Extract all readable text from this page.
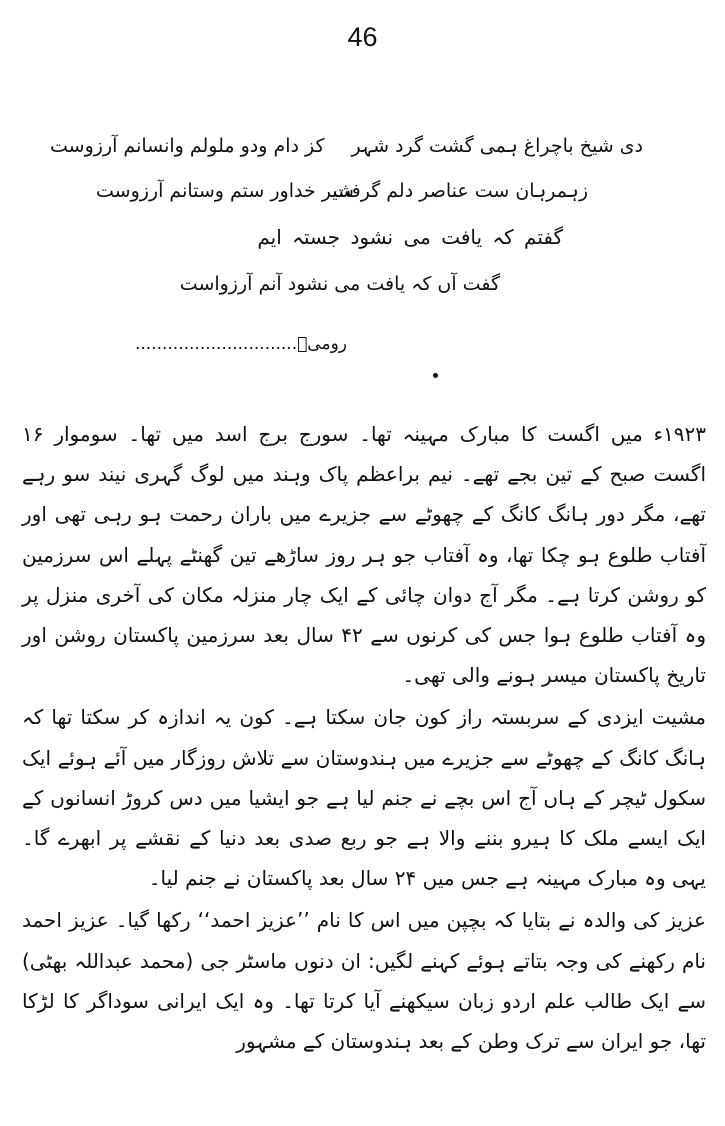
46
دی شیخ باچراغ ہمی گشت گرد شہر
کز دام ودو ملولم وانسانم آرزوست
زہمرہان ست عناصر دلم گرفت
شیر خداور ستم وستانم آرزوست
گفتم کہ یافت می نشود جستہ ایم
گفت آں کہ یافت می نشود آنم آرزواست
رومیؒ..............................

۱۹۲۳ء میں اگست کا مبارک مہینہ تھا۔ سورج برج اسد میں تھا۔ سوموار ۱۶ اگست صبح کے تین بجے تھے۔ نیم براعظم پاک وہند میں لوگ گہری نیند سو رہے تھے، مگر دور ہانگ کانگ کے چھوٹے سے جزیرے میں باران رحمت ہو رہی تھی اور آفتاب طلوع ہو چکا تھا، وہ آفتاب جو ہر روز ساڑھے تین گھنٹے پہلے اس سرزمین کو روشن کرتا ہے۔ مگر آج دوان چائی کے ایک چار منزلہ مکان کی آخری منزل پر وہ آفتاب طلوع ہوا جس کی کرنوں سے ۴۲ سال بعد سرزمین پاکستان روشن اور تاریخ پاکستان میسر ہونے والی تھی۔

مشیت ایزدی کے سربستہ راز کون جان سکتا ہے۔ کون یہ اندازہ کر سکتا تھا کہ ہانگ کانگ کے چھوٹے سے جزیرے میں ہندوستان سے تلاش روزگار میں آئے ہوئے ایک سکول ٹیچر کے ہاں آج اس بچے نے جنم لیا ہے جو ایشیا میں دس کروڑ انسانوں کے ایک ایسے ملک کا ہیرو بننے والا ہے جو ربع صدی بعد دنیا کے نقشے پر ابھرے گا۔ یہی وہ مبارک مہینہ ہے جس میں ۲۴ سال بعد پاکستان نے جنم لیا۔

عزیز کی والدہ نے بتایا کہ بچپن میں اس کا نام ’’عزیز احمد‘‘ رکھا گیا۔ عزیز احمد نام رکھنے کی وجہ بتاتے ہوئے کہنے لگیں: ان دنوں ماسٹر جی (محمد عبداللہ بھٹی) سے ایک طالب علم اردو زبان سیکھنے آیا کرتا تھا۔ وہ ایک ایرانی سوداگر کا لڑکا تھا، جو ایران سے ترک وطن کے بعد ہندوستان کے مشہور
